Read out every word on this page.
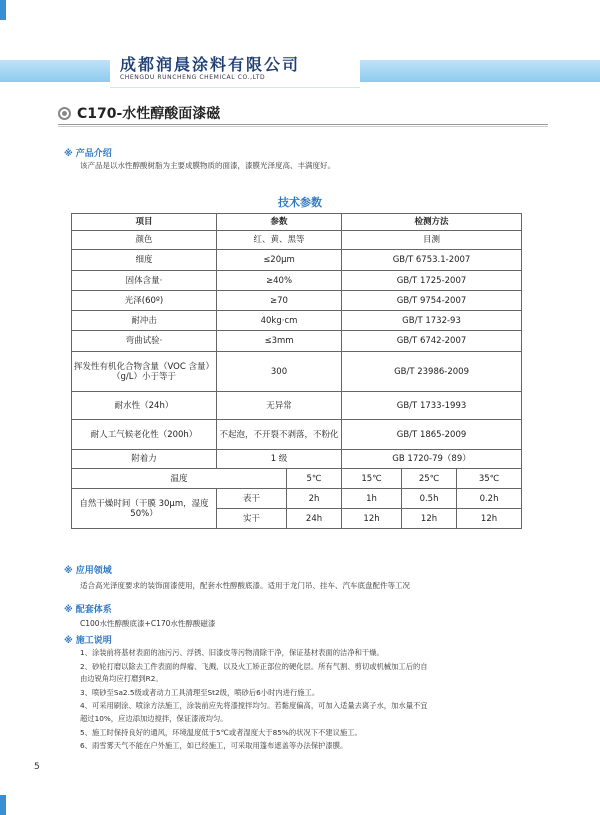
成都润晨涂料有限公司
CHENGDU RUNCHENG CHEMICAL CO.,LTD
C170-水性醇酸面漆磁
※ 产品介绍
该产品是以水性醇酸树脂为主要成膜物质的面漆，漆膜光泽度高、丰满度好。
技术参数
项目	参数		检测方法		
颜色	红、黄、黑等		目测		
细度	≤20μm		GB/T 6753.1-2007		
固体含量·	≥40%		GB/T 1725-2007		
光泽(60º)	≥70		GB/T 9754-2007		
耐冲击	40kg·cm		GB/T 1732-93		
弯曲试验·	≤3mm		GB/T 6742-2007		
挥发性有机化合物含量（VOC 含量）（g/L）小于等于	300		GB/T 23986-2009		
耐水性（24h）	无异常		GB/T 1733-1993		
耐人工气候老化性（200h）	不起泡，不开裂不剥落，不粉化		GB/T 1865-2009		
附着力	1 级		GB 1720-79（89）		
温度		5℃	15℃	25℃	35℃
自然干燥时间（干膜 30μm，湿度 50%）	表干	2h	1h	0.5h	0.2h
	实干	24h	12h	12h	12h
※ 应用领域
适合高光泽度要求的装饰面漆使用，配套水性醇酸底漆。适用于龙门吊、挂车、汽车底盘配件等工况
※ 配套体系
C100水性醇酸底漆+C170水性醇酸磁漆
※ 施工说明
1、涂装前将基材表面的油污污、浮锈、旧漆皮等污物清除干净，保证基材表面的洁净和干燥。
2、砂轮打磨以除去工件表面的焊瘤、飞溅、以及火工矫正部位的硬化层。所有气割、剪切或机械加工后的自
由边锐角均应打磨到R2。
3、喷砂至Sa2.5级或者动力工具清理至St2级，喷砂后6小时内进行施工。
4、可采用刷涂、喷涂方法施工，涂装前应先将漆搅拌均匀。若黏度偏高，可加入适量去离子水，加水量不宜
超过10%，应边添加边搅拌，保证漆液均匀。
5、施工时保持良好的通风，环境温度低于5℃或者湿度大于85%的状况下不建议施工。
6、雨雪雾天气不能在户外施工，如已经施工，可采取用篷布遮盖等办法保护漆膜。
5
